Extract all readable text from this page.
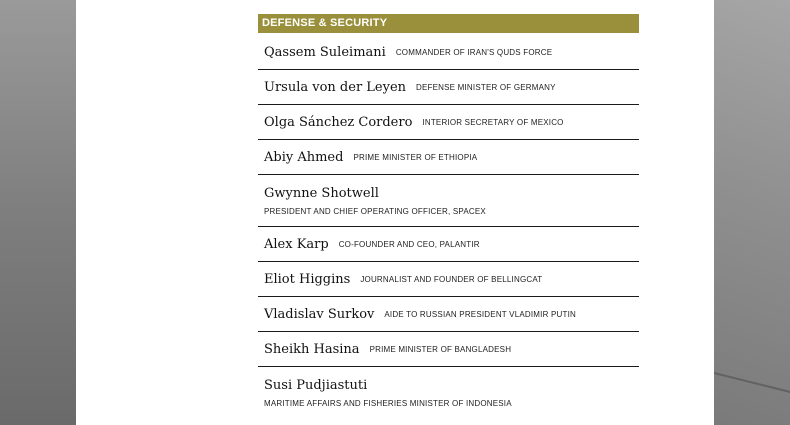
DEFENSE & SECURITY
Qassem Suleimani COMMANDER OF IRAN'S QUDS FORCE
Ursula von der Leyen DEFENSE MINISTER OF GERMANY
Olga Sánchez Cordero INTERIOR SECRETARY OF MEXICO
Abiy Ahmed PRIME MINISTER OF ETHIOPIA
Gwynne Shotwell
PRESIDENT AND CHIEF OPERATING OFFICER, SPACEX
Alex Karp CO-FOUNDER AND CEO, PALANTIR
Eliot Higgins JOURNALIST AND FOUNDER OF BELLINGCAT
Vladislav Surkov AIDE TO RUSSIAN PRESIDENT VLADIMIR PUTIN
Sheikh Hasina PRIME MINISTER OF BANGLADESH
Susi Pudjiastuti
MARITIME AFFAIRS AND FISHERIES MINISTER OF INDONESIA
